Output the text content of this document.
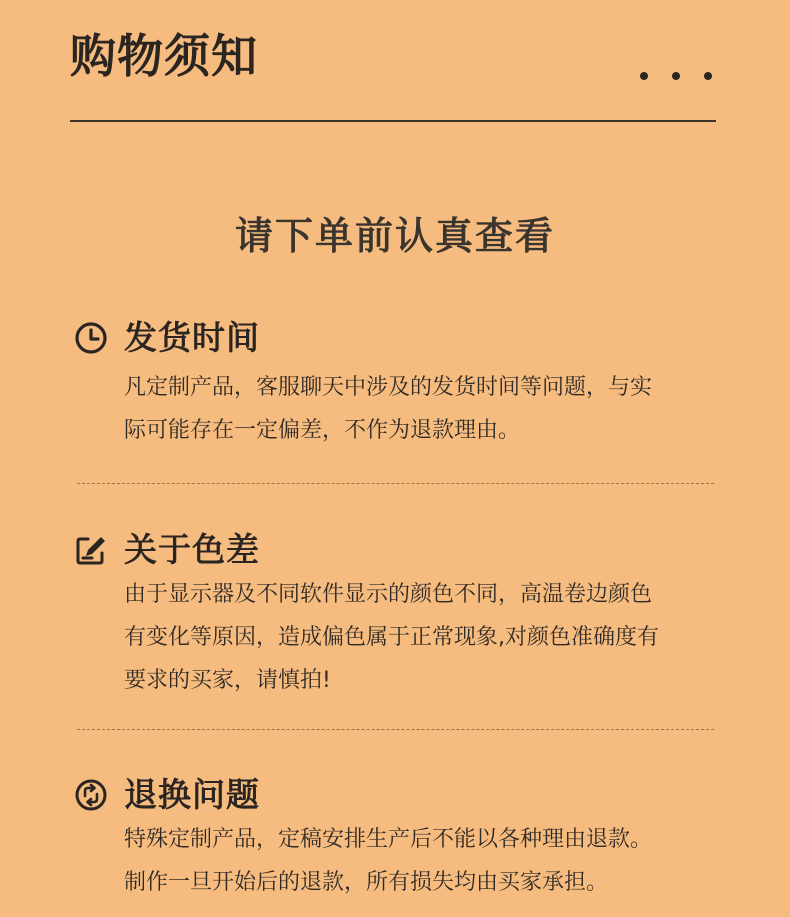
购物须知
请下单前认真查看
发货时间
凡定制产品，客服聊天中涉及的发货时间等问题，与实
际可能存在一定偏差，不作为退款理由。
关于色差
由于显示器及不同软件显示的颜色不同，高温卷边颜色
有变化等原因，造成偏色属于正常现象,对颜色准确度有
要求的买家，请慎拍!
退换问题
特殊定制产品，定稿安排生产后不能以各种理由退款。
制作一旦开始后的退款，所有损失均由买家承担。
